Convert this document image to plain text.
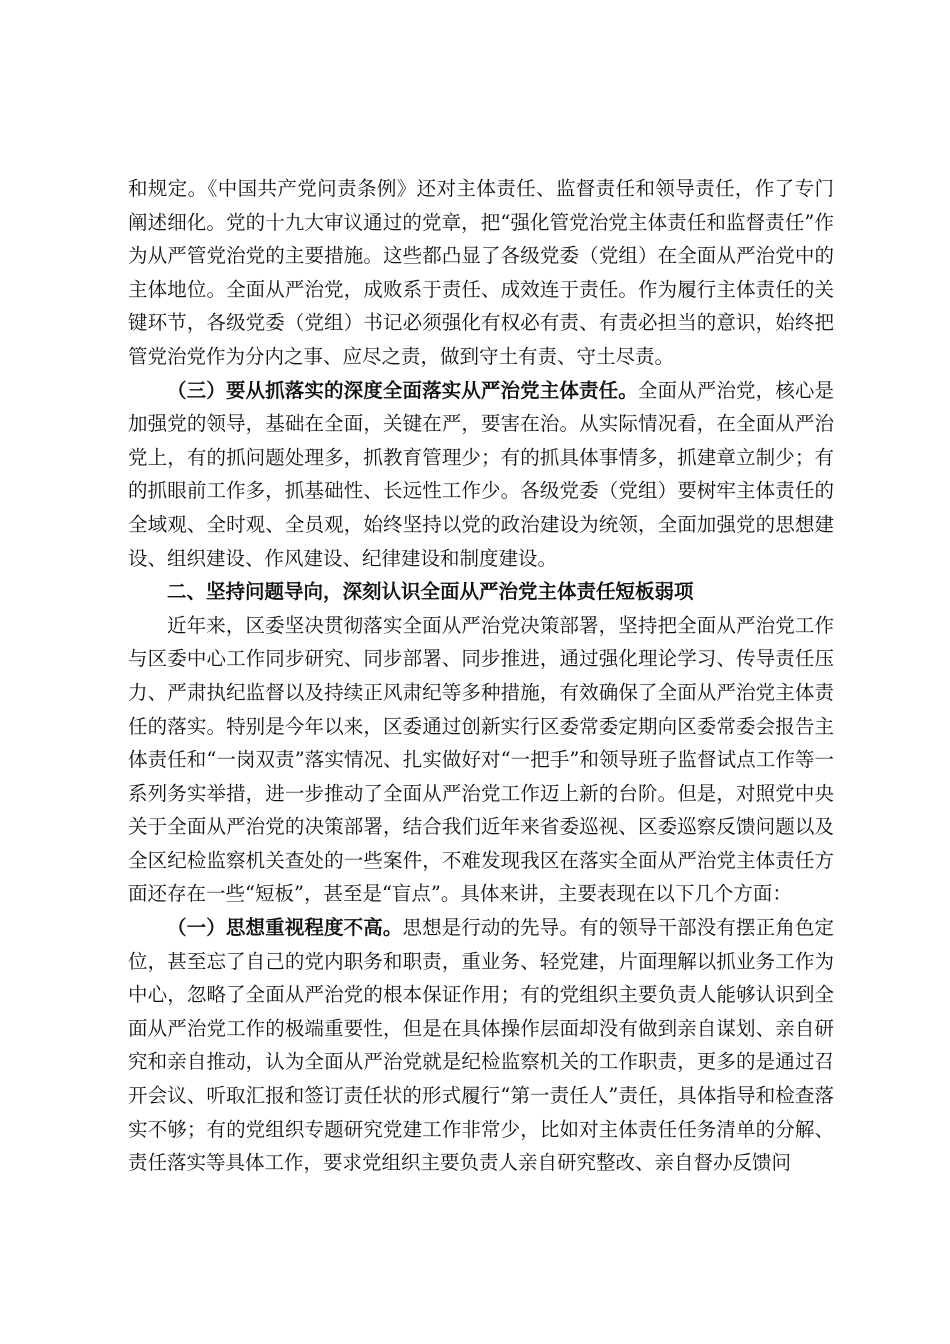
和规定。《中国共产党问责条例》还对主体责任、监督责任和领导责任，作了专门阐述细化。党的十九大审议通过的党章，把“强化管党治党主体责任和监督责任”作为从严管党治党的主要措施。这些都凸显了各级党委（党组）在全面从严治党中的主体地位。全面从严治党，成败系于责任、成效连于责任。作为履行主体责任的关键环节，各级党委（党组）书记必须强化有权必有责、有责必担当的意识，始终把管党治党作为分内之事、应尽之责，做到守土有责、守土尽责。

（三）要从抓落实的深度全面落实从严治党主体责任。全面从严治党，核心是加强党的领导，基础在全面，关键在严，要害在治。从实际情况看，在全面从严治党上，有的抓问题处理多，抓教育管理少；有的抓具体事情多，抓建章立制少；有的抓眼前工作多，抓基础性、长远性工作少。各级党委（党组）要树牢主体责任的全域观、全时观、全员观，始终坚持以党的政治建设为统领，全面加强党的思想建设、组织建设、作风建设、纪律建设和制度建设。

二、坚持问题导向，深刻认识全面从严治党主体责任短板弱项

近年来，区委坚决贯彻落实全面从严治党决策部署，坚持把全面从严治党工作与区委中心工作同步研究、同步部署、同步推进，通过强化理论学习、传导责任压力、严肃执纪监督以及持续正风肃纪等多种措施，有效确保了全面从严治党主体责任的落实。特别是今年以来，区委通过创新实行区委常委定期向区委常委会报告主体责任和“一岗双责”落实情况、扎实做好对“一把手”和领导班子监督试点工作等一系列务实举措，进一步推动了全面从严治党工作迈上新的台阶。但是，对照党中央关于全面从严治党的决策部署，结合我们近年来省委巡视、区委巡察反馈问题以及全区纪检监察机关查处的一些案件，不难发现我区在落实全面从严治党主体责任方面还存在一些“短板”，甚至是“盲点”。具体来讲，主要表现在以下几个方面：

（一）思想重视程度不高。思想是行动的先导。有的领导干部没有摆正角色定位，甚至忘了自己的党内职务和职责，重业务、轻党建，片面理解以抓业务工作为中心，忽略了全面从严治党的根本保证作用；有的党组织主要负责人能够认识到全面从严治党工作的极端重要性，但是在具体操作层面却没有做到亲自谋划、亲自研究和亲自推动，认为全面从严治党就是纪检监察机关的工作职责，更多的是通过召开会议、听取汇报和签订责任状的形式履行“第一责任人”责任，具体指导和检查落实不够；有的党组织专题研究党建工作非常少，比如对主体责任任务清单的分解、责任落实等具体工作，要求党组织主要负责人亲自研究整改、亲自督办反馈问
